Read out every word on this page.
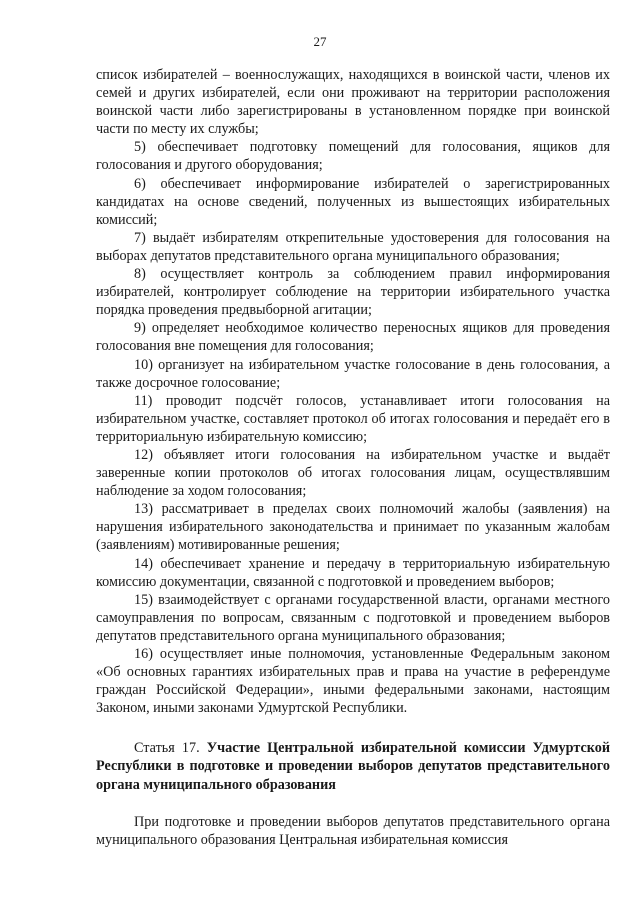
27

список избирателей – военнослужащих, находящихся в воинской части, членов их семей и других избирателей, если они проживают на территории расположения воинской части либо зарегистрированы в установленном порядке при воинской части по месту их службы;

5) обеспечивает подготовку помещений для голосования, ящиков для голосования и другого оборудования;

6) обеспечивает информирование избирателей о зарегистрированных кандидатах на основе сведений, полученных из вышестоящих избирательных комиссий;

7) выдаёт избирателям открепительные удостоверения для голосования на выборах депутатов представительного органа муниципального образования;

8) осуществляет контроль за соблюдением правил информирования избирателей, контролирует соблюдение на территории избирательного участка порядка проведения предвыборной агитации;

9) определяет необходимое количество переносных ящиков для проведения голосования вне помещения для голосования;

10) организует на избирательном участке голосование в день голосования, а также досрочное голосование;

11) проводит подсчёт голосов, устанавливает итоги голосования на избирательном участке, составляет протокол об итогах голосования и передаёт его в территориальную избирательную комиссию;

12) объявляет итоги голосования на избирательном участке и выдаёт заверенные копии протоколов об итогах голосования лицам, осуществлявшим наблюдение за ходом голосования;

13) рассматривает в пределах своих полномочий жалобы (заявления) на нарушения избирательного законодательства и принимает по указанным жалобам (заявлениям) мотивированные решения;

14) обеспечивает хранение и передачу в территориальную избирательную комиссию документации, связанной с подготовкой и проведением выборов;

15) взаимодействует с органами государственной власти, органами местного самоуправления по вопросам, связанным с подготовкой и проведением выборов депутатов представительного органа муниципального образования;

16) осуществляет иные полномочия, установленные Федеральным законом «Об основных гарантиях избирательных прав и права на участие в референдуме граждан Российской Федерации», иными федеральными законами, настоящим Законом, иными законами Удмуртской Республики.

Статья 17. Участие Центральной избирательной комиссии Удмуртской Республики в подготовке и проведении выборов депутатов представительного органа муниципального образования

При подготовке и проведении выборов депутатов представительного органа муниципального образования Центральная избирательная комиссия
